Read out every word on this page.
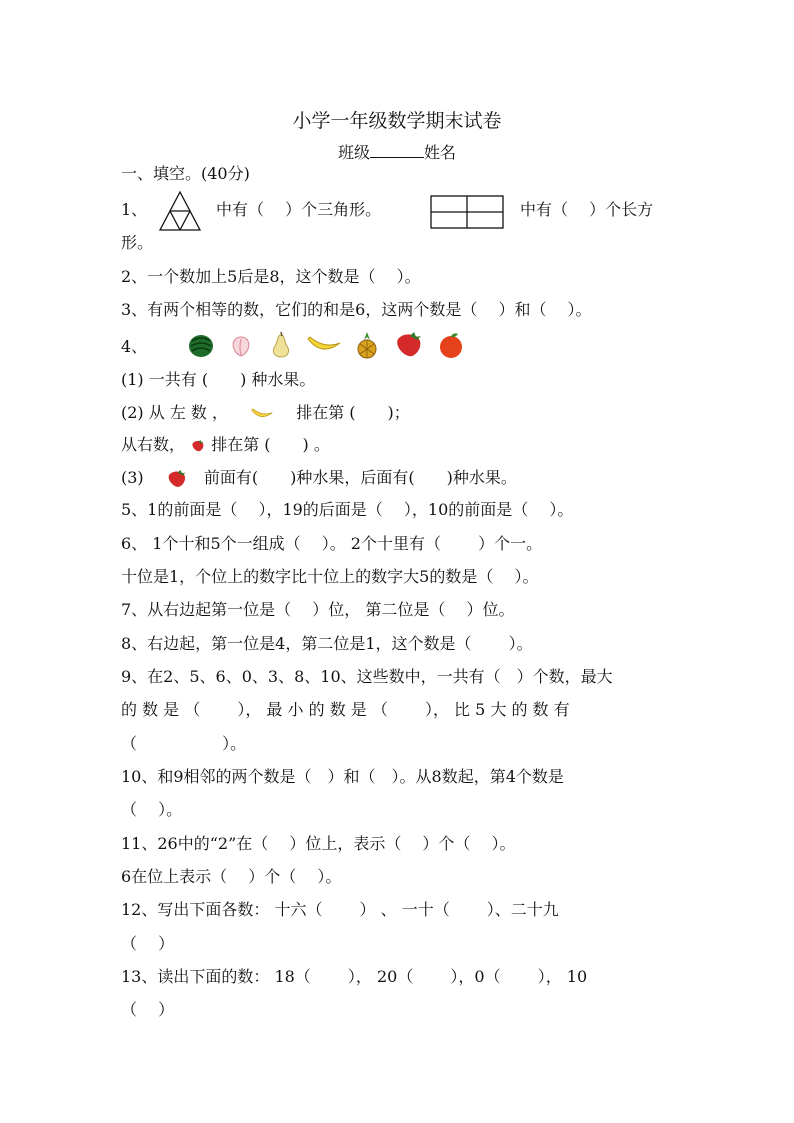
小学一年级数学期末试卷
班级	姓名
一、填空。(40分)
1、	中有（　 ）个三角形。	中有（　 ）个长方
形。
2、一个数加上5后是8，这个数是（　 ）。
3、有两个相等的数，它们的和是6，这两个数是（　 ）和（　 ）。
4、
(1) 一共有 (　　) 种水果。
(2) 从 左 数 ，	排在第 (　　)；
从右数， 排在第 (　　) 。
(3)	前面有(　　)种水果，后面有(　　)种水果。
5、1的前面是（　 ），19的后面是（　 ），10的前面是（　 ）。
6、 1个十和5个一组成（　 ）。 2个十里有（　　 ）个一。
十位是1，个位上的数字比十位上的数字大5的数是（　 ）。
7、从右边起第一位是（　 ）位， 第二位是（　 ）位。
8、右边起，第一位是4，第二位是1，这个数是（　　 ）。
9、在2、5、6、0、3、8、10、这些数中，一共有（　）个数，最大
的 数 是 （　　 ）， 最 小 的 数 是 （　　 ）， 比 5 大 的 数 有
（　　　　　 ）。
10、和9相邻的两个数是（　）和（　）。从8数起，第4个数是
（　 ）。
11、26中的“2”在（　 ）位上，表示（　 ）个（　 ）。
6在位上表示（　 ）个（　 ）。
12、写出下面各数： 十六（　　 ） 、 一十（　　 ）、二十九
（　 ）
13、读出下面的数： 18（　　 ）， 20（　　 ），0（　　 ）， 10
（　 ）
